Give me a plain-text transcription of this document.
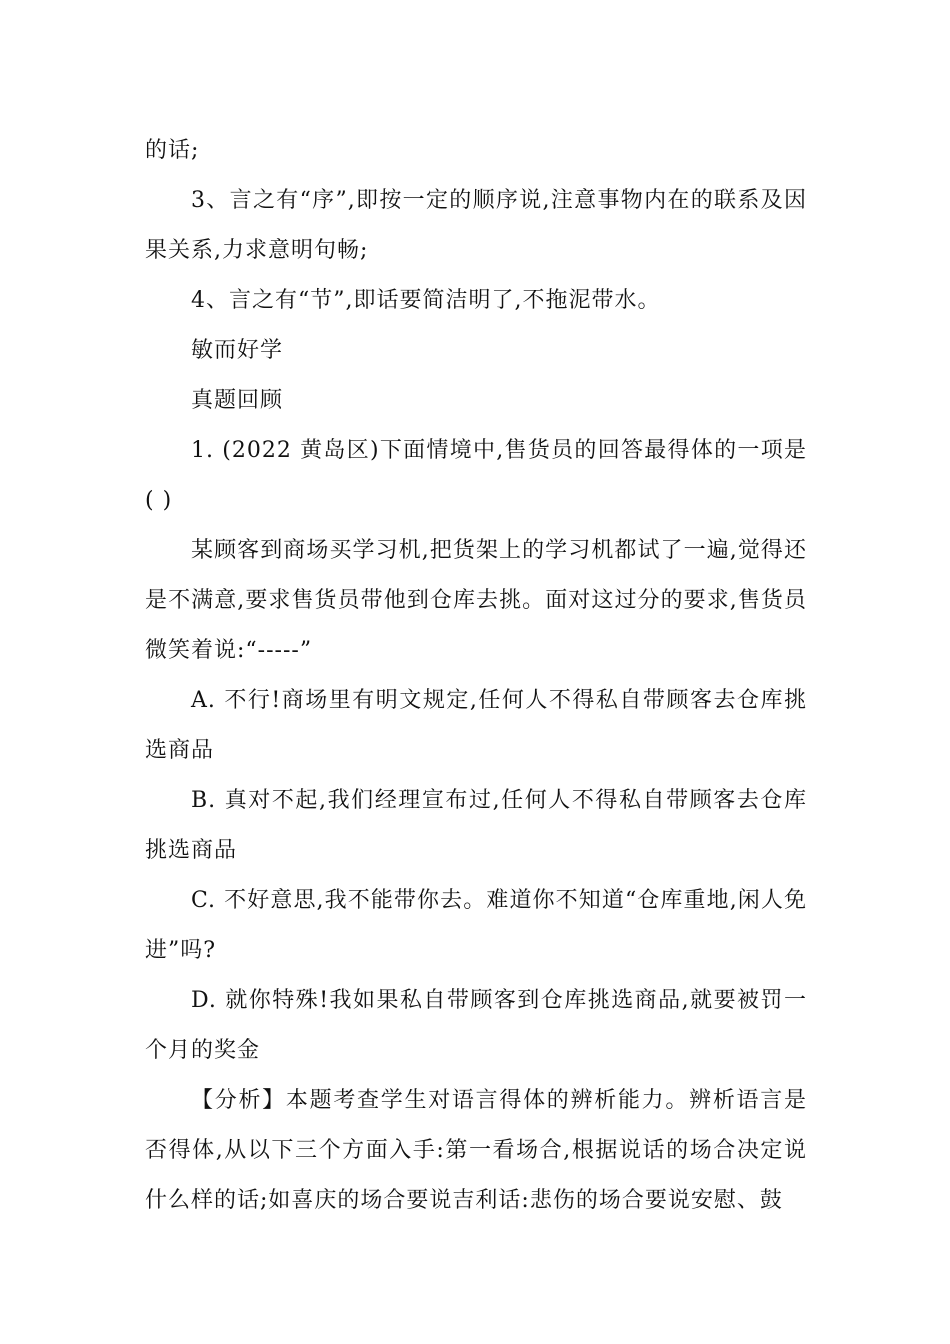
的话;

3、言之有“序”,即按一定的顺序说,注意事物内在的联系及因果关系,力求意明句畅;

4、言之有“节”,即话要简洁明了,不拖泥带水。

敏而好学

真题回顾

1. (2022 黄岛区)下面情境中,售货员的回答最得体的一项是( )

某顾客到商场买学习机,把货架上的学习机都试了一遍,觉得还是不满意,要求售货员带他到仓库去挑。面对这过分的要求,售货员微笑着说:“-----”

A. 不行!商场里有明文规定,任何人不得私自带顾客去仓库挑选商品

B. 真对不起,我们经理宣布过,任何人不得私自带顾客去仓库挑选商品

C. 不好意思,我不能带你去。难道你不知道“仓库重地,闲人免进”吗?

D. 就你特殊!我如果私自带顾客到仓库挑选商品,就要被罚一个月的奖金

【分析】本题考查学生对语言得体的辨析能力。辨析语言是否得体,从以下三个方面入手:第一看场合,根据说话的场合决定说什么样的话;如喜庆的场合要说吉利话:悲伤的场合要说安慰、鼓
